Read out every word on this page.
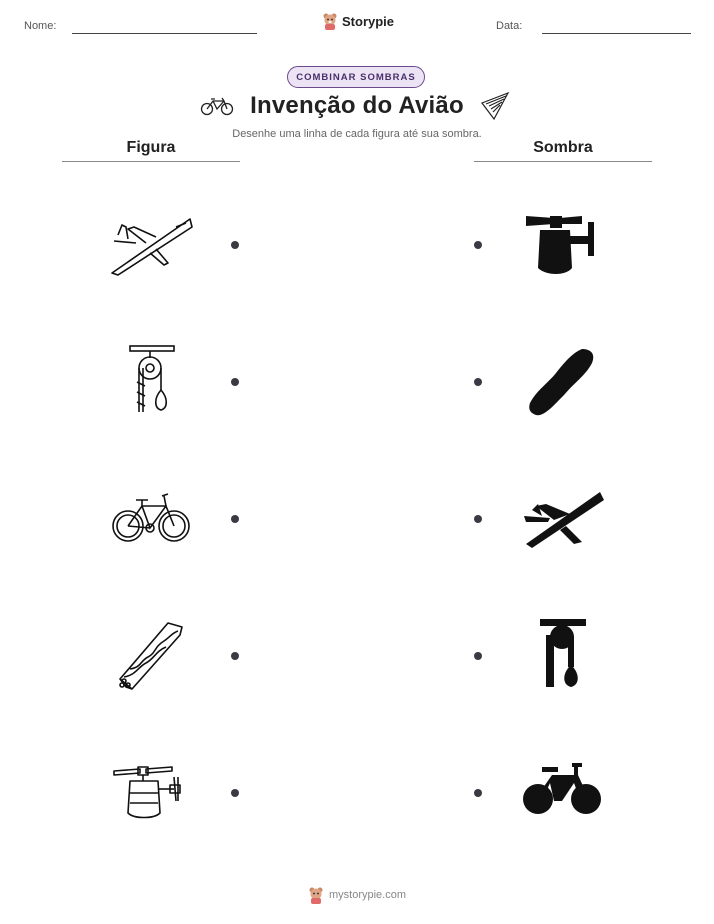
Nome:	Storypie	Data:
COMBINAR SOMBRAS
Invenção do Avião
Desenhe uma linha de cada figura até sua sombra.
Figura	Sombra
mystorypie.com
